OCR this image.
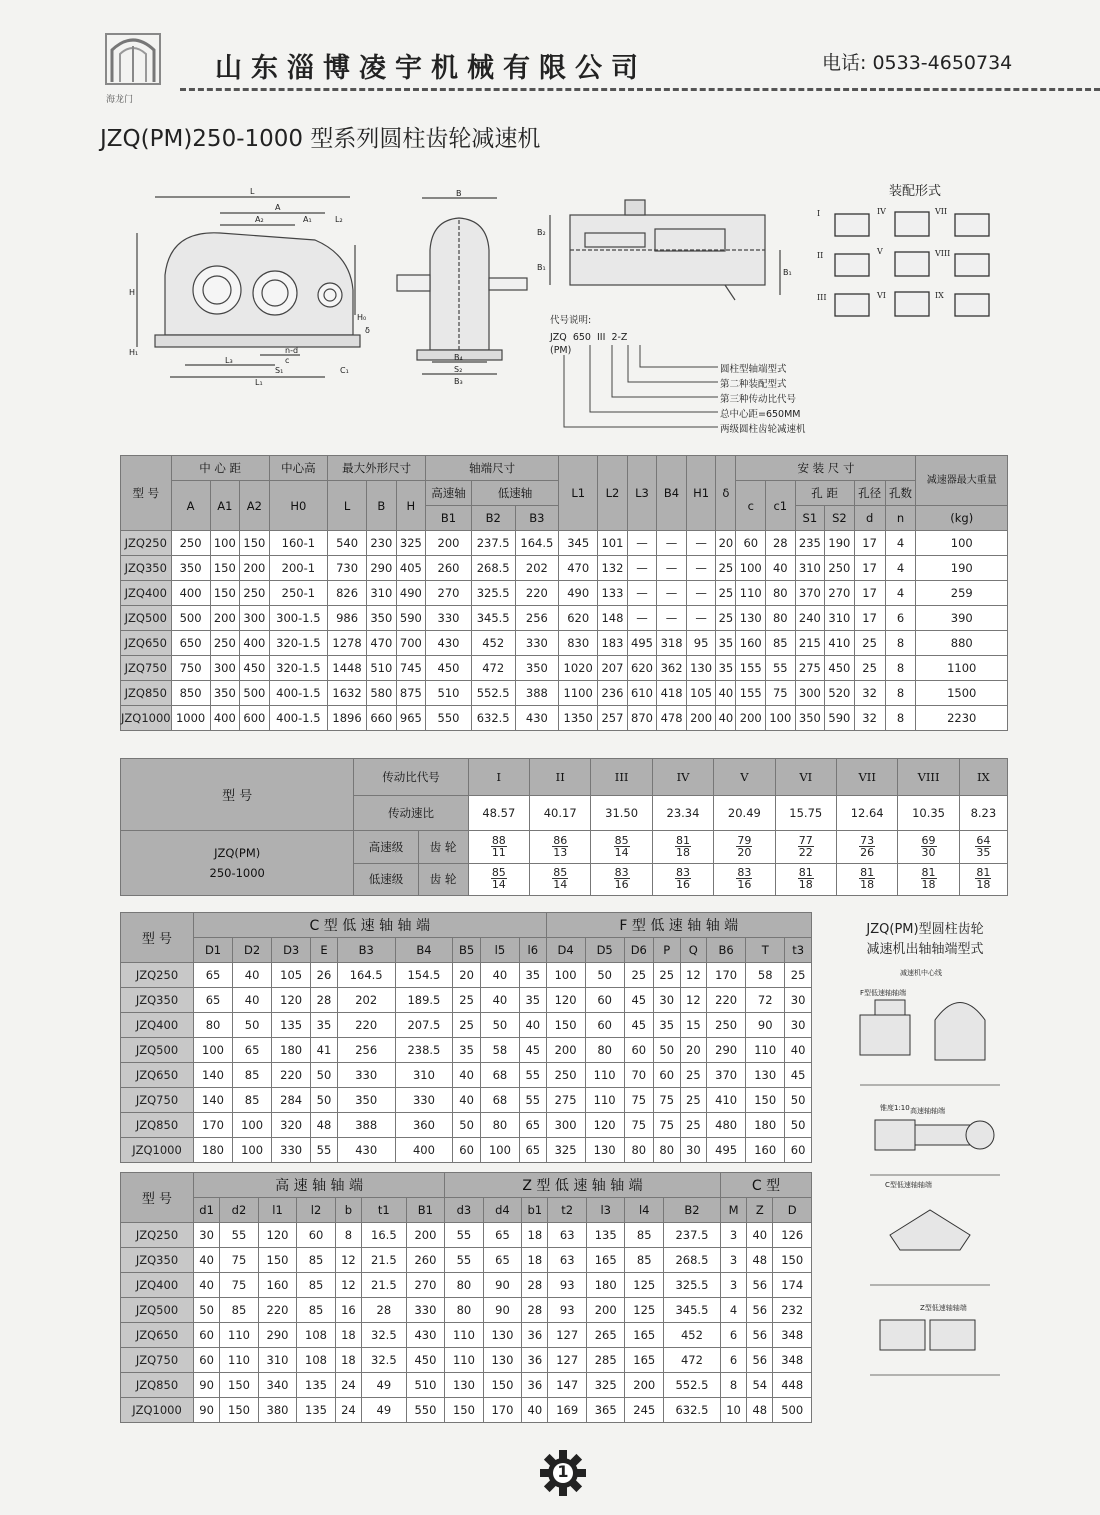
海龙门
山东淄博凌宇机械有限公司	电话: 0533-4650734
JZQ(PM)250-1000 型系列圆柱齿轮减速机
L
A
A₂	A₁	L₂
H
H₁
H₀
δ
n-d
c
L₃
S₁
L₁
C₁
B
B₄
S₂
B₃
B₂
B₁
B₁
装配形式
I	IV	VII
II	V	VIII
III	VI	IX
代号说明:
JZQ  650  III  2-Z
(PM)
圆柱型轴端型式
第二种装配型式
第三种传动比代号
总中心距=650MM
两级圆柱齿轮减速机
型 号	中 心 距			中心高	最大外形尺寸			轴端尺寸			L1	L2	L3	B4	H1	δ	安 装 尺 寸						减速器最大重量
	A	A1	A2	H0	L	B	H	高速轴	低速轴								c	c1	孔 距		孔径	孔数	
								B1	B2	B3									S1	S2	d	n	(kg)
JZQ250	250	100	150	160-1	540	230	325	200	237.5	164.5	345	101	—	—	—	20	60	28	235	190	17	4	100
JZQ350	350	150	200	200-1	730	290	405	260	268.5	202	470	132	—	—	—	25	100	40	310	250	17	4	190
JZQ400	400	150	250	250-1	826	310	490	270	325.5	220	490	133	—	—	—	25	110	80	370	270	17	4	259
JZQ500	500	200	300	300-1.5	986	350	590	330	345.5	256	620	148	—	—	—	25	130	80	240	310	17	6	390
JZQ650	650	250	400	320-1.5	1278	470	700	430	452	330	830	183	495	318	95	35	160	85	215	410	25	8	880
JZQ750	750	300	450	320-1.5	1448	510	745	450	472	350	1020	207	620	362	130	35	155	55	275	450	25	8	1100
JZQ850	850	350	500	400-1.5	1632	580	875	510	552.5	388	1100	236	610	418	105	40	155	75	300	520	32	8	1500
JZQ1000	1000	400	600	400-1.5	1896	660	965	550	632.5	430	1350	257	870	478	200	40	200	100	350	590	32	8	2230
型 号	传动比代号		I	II	III	IV	V	VI	VII	VIII	IX
	传动速比		48.57	40.17	31.50	23.34	20.49	15.75	12.64	10.35	8.23
JZQ(PM)
250-1000	高速级	齿 轮	$\frac{88}{11}$	$\frac{86}{13}$	$\frac{85}{14}$	$\frac{81}{18}$	$\frac{79}{20}$	$\frac{77}{22}$	$\frac{73}{26}$	$\frac{69}{30}$	$\frac{64}{35}$
	低速级	齿 轮	$\frac{85}{14}$	$\frac{85}{14}$	$\frac{83}{16}$	$\frac{83}{16}$	$\frac{83}{16}$	$\frac{81}{18}$	$\frac{81}{18}$	$\frac{81}{18}$	$\frac{81}{18}$
型 号	C 型 低 速 轴 轴 端									F 型 低 速 轴 轴 端							
	D1	D2	D3	E	B3	B4	B5	l5	l6	D4	D5	D6	P	Q	B6	T	t3
JZQ250	65	40	105	26	164.5	154.5	20	40	35	100	50	25	25	12	170	58	25
JZQ350	65	40	120	28	202	189.5	25	40	35	120	60	45	30	12	220	72	30
JZQ400	80	50	135	35	220	207.5	25	50	40	150	60	45	35	15	250	90	30
JZQ500	100	65	180	41	256	238.5	35	58	45	200	80	60	50	20	290	110	40
JZQ650	140	85	220	50	330	310	40	68	55	250	110	70	60	25	370	130	45
JZQ750	140	85	284	50	350	330	40	68	55	275	110	75	75	25	410	150	50
JZQ850	170	100	320	48	388	360	50	80	65	300	120	75	75	25	480	180	50
JZQ1000	180	100	330	55	430	400	60	100	65	325	130	80	80	30	495	160	60
型 号	高 速 轴 轴 端							Z 型 低 速 轴 轴 端							C 型		
	d1	d2	l1	l2	b	t1	B1	d3	d4	b1	t2	l3	l4	B2	M	Z	D
JZQ250	30	55	120	60	8	16.5	200	55	65	18	63	135	85	237.5	3	40	126
JZQ350	40	75	150	85	12	21.5	260	55	65	18	63	165	85	268.5	3	48	150
JZQ400	40	75	160	85	12	21.5	270	80	90	28	93	180	125	325.5	3	56	174
JZQ500	50	85	220	85	16	28	330	80	90	28	93	200	125	345.5	4	56	232
JZQ650	60	110	290	108	18	32.5	430	110	130	36	127	265	165	452	6	56	348
JZQ750	60	110	310	108	18	32.5	450	110	130	36	127	285	165	472	6	56	348
JZQ850	90	150	340	135	24	49	510	130	150	36	147	325	200	552.5	8	54	448
JZQ1000	90	150	380	135	24	49	550	150	170	40	169	365	245	632.5	10	48	500
JZQ(PM)型圆柱齿轮
减速机出轴轴端型式
减速机中心线
F型低速轴轴端
高速轴轴端
锥度1:10
C型低速轴轴端
Z型低速轴轴端
1
